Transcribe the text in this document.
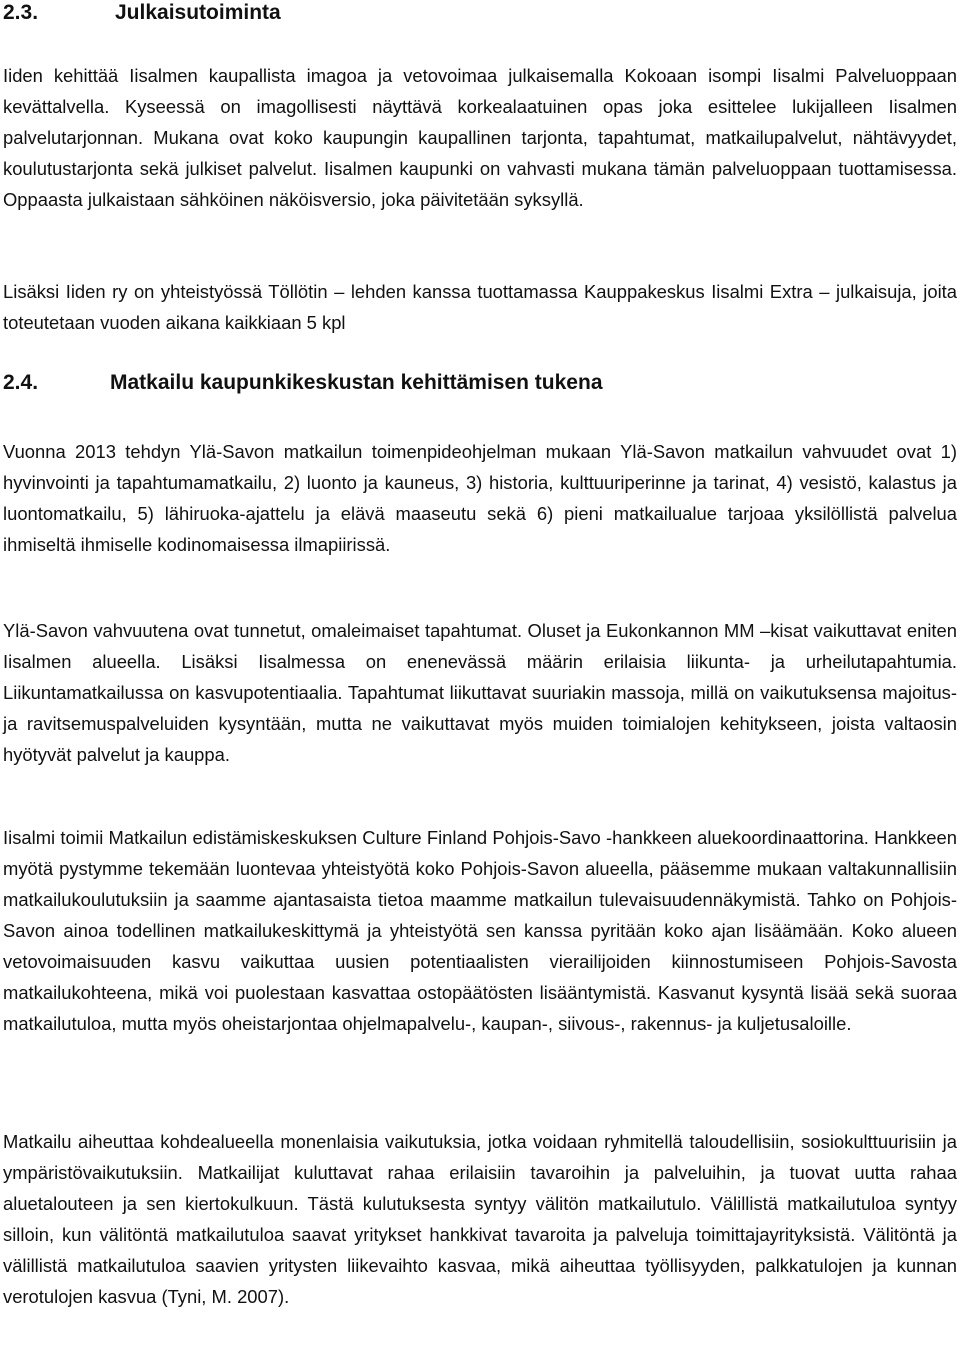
2.3.	Julkaisutoiminta

Iiden kehittää Iisalmen kaupallista imagoa ja vetovoimaa julkaisemalla Kokoaan isompi Iisalmi Palveluoppaan kevättalvella. Kyseessä on imagollisesti näyttävä korkealaatuinen opas joka esittelee lukijalleen Iisalmen palvelutarjonnan. Mukana ovat koko kaupungin kaupallinen tarjonta, tapahtumat, matkailupalvelut, nähtävyydet, koulutustarjonta sekä julkiset palvelut. Iisalmen kaupunki on vahvasti mukana tämän palveluoppaan tuottamisessa. Oppaasta julkaistaan sähköinen näköisversio, joka päivitetään syksyllä.

Lisäksi Iiden ry on yhteistyössä Töllötin – lehden kanssa tuottamassa Kauppakeskus Iisalmi Extra – julkaisuja, joita toteutetaan vuoden aikana kaikkiaan 5 kpl

2.4.	Matkailu kaupunkikeskustan kehittämisen tukena

Vuonna 2013 tehdyn Ylä-Savon matkailun toimenpideohjelman mukaan Ylä-Savon matkailun vahvuudet ovat 1) hyvinvointi ja tapahtumamatkailu, 2) luonto ja kauneus, 3) historia, kulttuuriperinne ja tarinat, 4) vesistö, kalastus ja luontomatkailu, 5) lähiruoka-ajattelu ja elävä maaseutu sekä 6) pieni matkailualue tarjoaa yksilöllistä palvelua ihmiseltä ihmiselle kodinomaisessa ilmapiirissä.

Ylä-Savon vahvuutena ovat tunnetut, omaleimaiset tapahtumat. Oluset ja Eukonkannon MM –kisat vaikuttavat eniten Iisalmen alueella. Lisäksi Iisalmessa on enenevässä määrin erilaisia liikunta- ja urheilutapahtumia. Liikuntamatkailussa on kasvupotentiaalia. Tapahtumat liikuttavat suuriakin massoja, millä on vaikutuksensa majoitus- ja ravitsemuspalveluiden kysyntään, mutta ne vaikuttavat myös muiden toimialojen kehitykseen, joista valtaosin hyötyvät palvelut ja kauppa.

Iisalmi toimii Matkailun edistämiskeskuksen Culture Finland Pohjois-Savo -hankkeen aluekoordinaattorina. Hankkeen myötä pystymme tekemään luontevaa yhteistyötä koko Pohjois-Savon alueella, pääsemme mukaan valtakunnallisiin matkailukoulutuksiin ja saamme ajantasaista tietoa maamme matkailun tulevaisuudennäkymistä. Tahko on Pohjois-Savon ainoa todellinen matkailukeskittymä ja yhteistyötä sen kanssa pyritään koko ajan lisäämään. Koko alueen vetovoimaisuuden kasvu vaikuttaa uusien potentiaalisten vierailijoiden kiinnostumiseen Pohjois-Savosta matkailukohteena, mikä voi puolestaan kasvattaa ostopäätösten lisääntymistä. Kasvanut kysyntä lisää sekä suoraa matkailutuloa, mutta myös oheistarjontaa ohjelmapalvelu-, kaupan-, siivous-, rakennus- ja kuljetusaloille.

Matkailu aiheuttaa kohdealueella monenlaisia vaikutuksia, jotka voidaan ryhmitellä taloudellisiin, sosiokulttuurisiin ja ympäristövaikutuksiin. Matkailijat kuluttavat rahaa erilaisiin tavaroihin ja palveluihin, ja tuovat uutta rahaa aluetalouteen ja sen kiertokulkuun. Tästä kulutuksesta syntyy välitön matkailutulo. Välillistä matkailutuloa syntyy silloin, kun välitöntä matkailutuloa saavat yritykset hankkivat tavaroita ja palveluja toimittajayrityksistä. Välitöntä ja välillistä matkailutuloa saavien yritysten liikevaihto kasvaa, mikä aiheuttaa työllisyyden, palkkatulojen ja kunnan verotulojen kasvua (Tyni, M. 2007).
